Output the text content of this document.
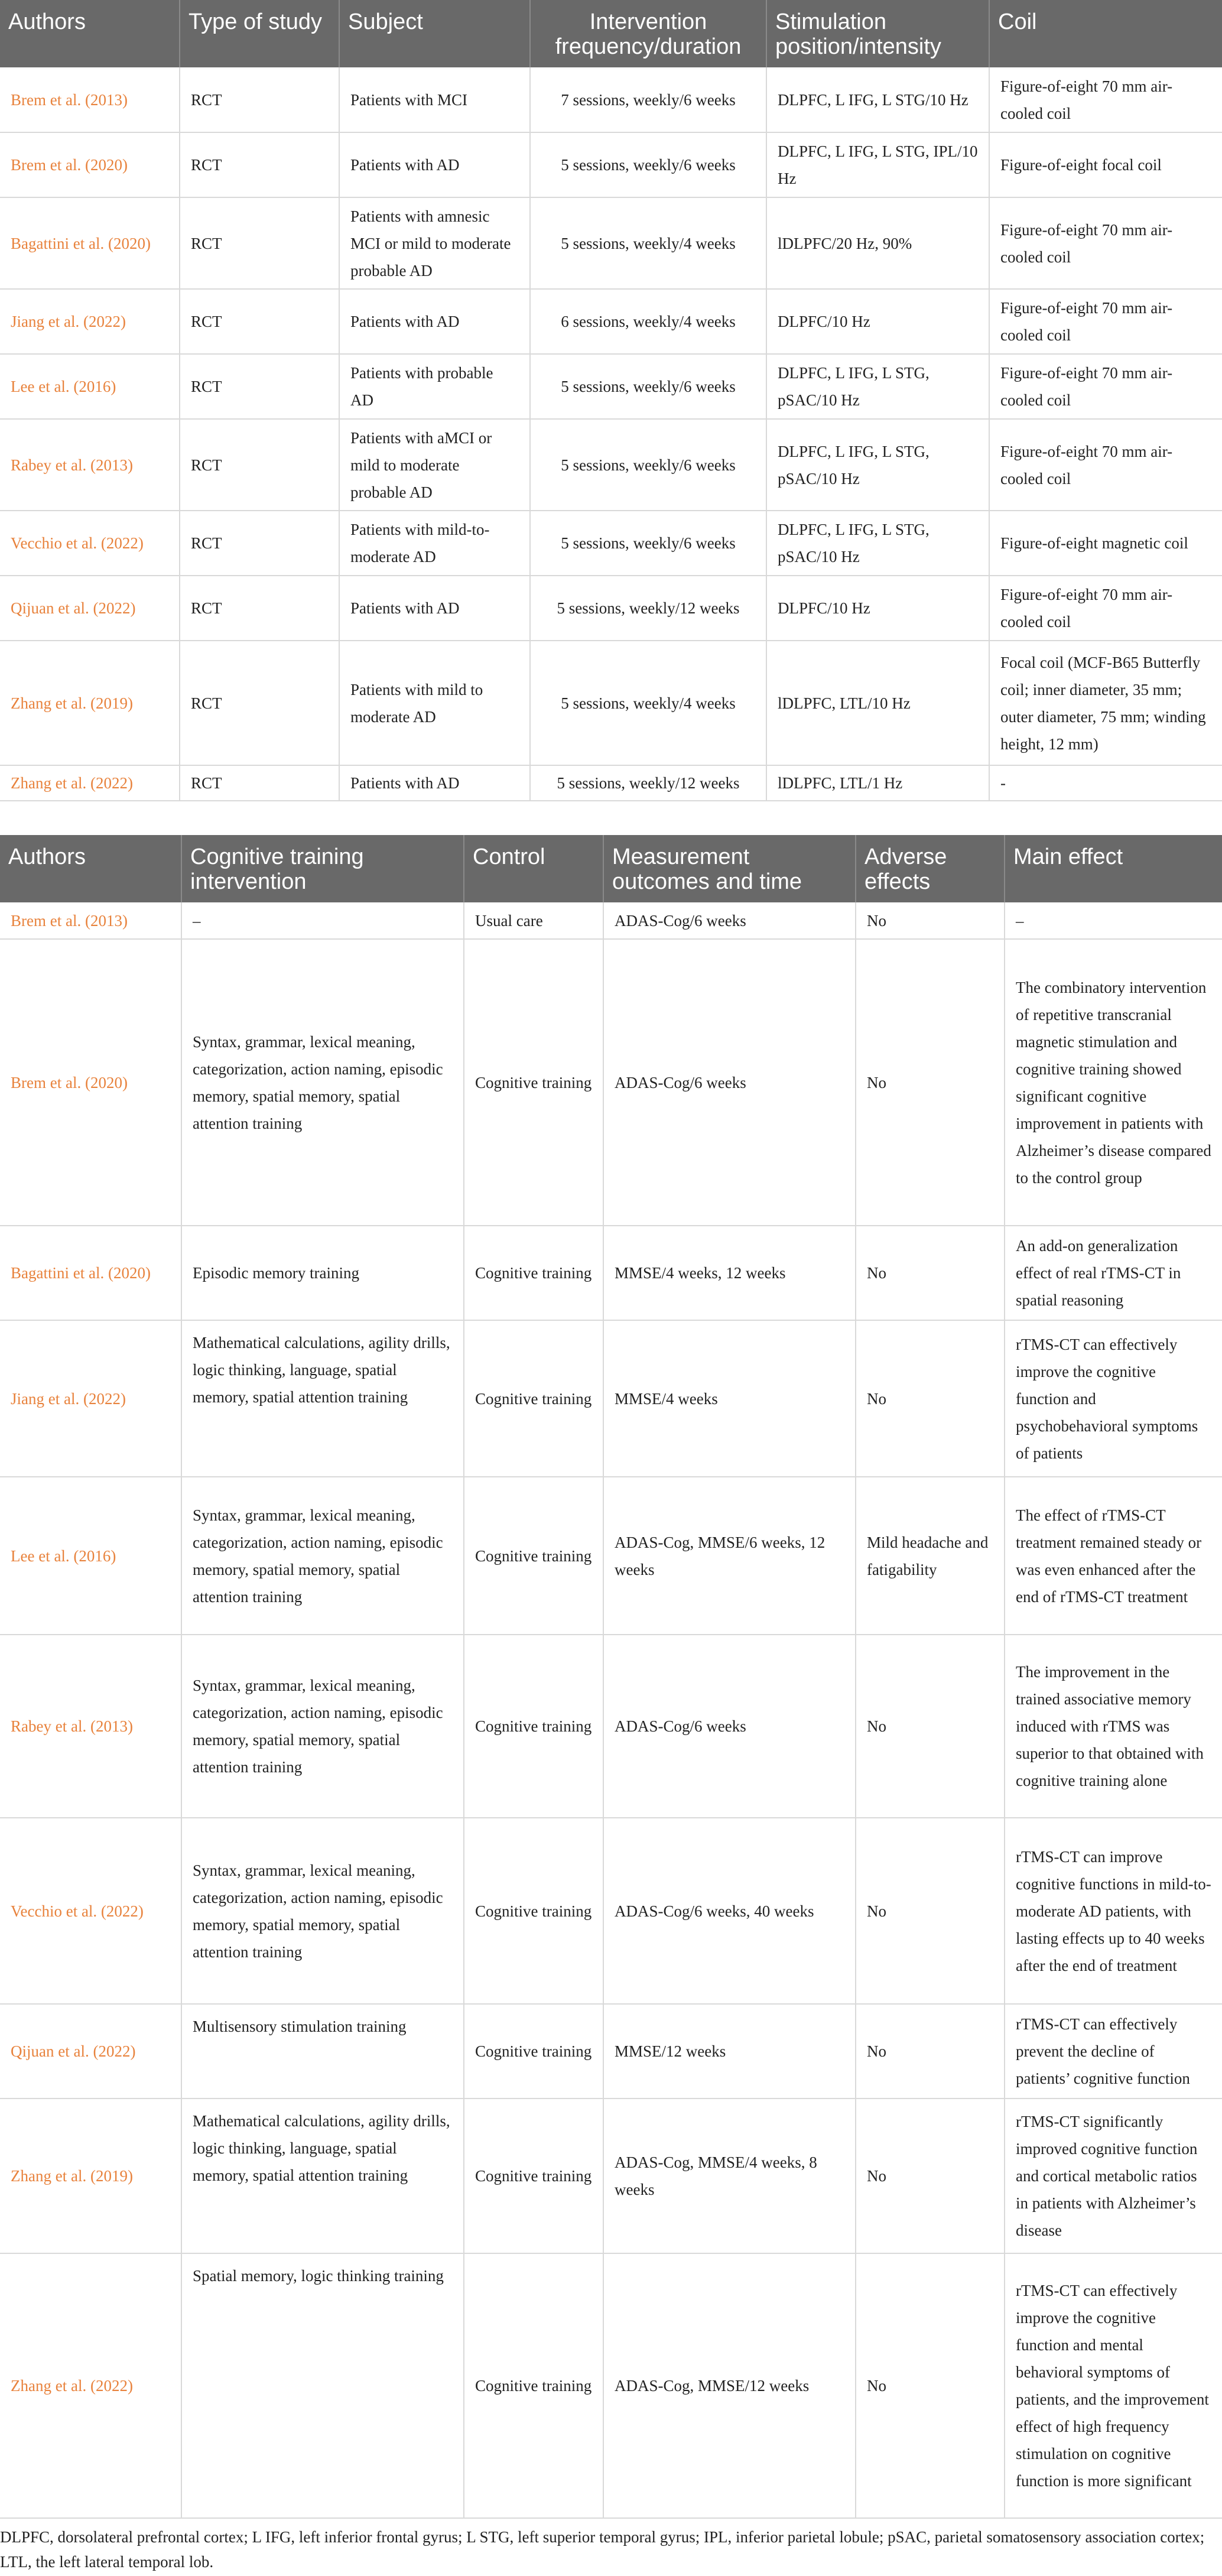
Authors	Type of study	Subject	Intervention frequency/duration	Stimulation position/intensity	Coil
Brem et al. (2013)	RCT	Patients with MCI	7 sessions, weekly/6 weeks	DLPFC, L IFG, L STG/10 Hz	Figure-of-eight 70 mm air-cooled coil
Brem et al. (2020)	RCT	Patients with AD	5 sessions, weekly/6 weeks	DLPFC, L IFG, L STG, IPL/10 Hz	Figure-of-eight focal coil
Bagattini et al. (2020)	RCT	Patients with amnesic MCI or mild to moderate probable AD	5 sessions, weekly/4 weeks	lDLPFC/20 Hz, 90%	Figure-of-eight 70 mm air-cooled coil
Jiang et al. (2022)	RCT	Patients with AD	6 sessions, weekly/4 weeks	DLPFC/10 Hz	Figure-of-eight 70 mm air-cooled coil
Lee et al. (2016)	RCT	Patients with probable AD	5 sessions, weekly/6 weeks	DLPFC, L IFG, L STG, pSAC/10 Hz	Figure-of-eight 70 mm air-cooled coil
Rabey et al. (2013)	RCT	Patients with aMCI or mild to moderate probable AD	5 sessions, weekly/6 weeks	DLPFC, L IFG, L STG, pSAC/10 Hz	Figure-of-eight 70 mm air-cooled coil
Vecchio et al. (2022)	RCT	Patients with mild-to-moderate AD	5 sessions, weekly/6 weeks	DLPFC, L IFG, L STG, pSAC/10 Hz	Figure-of-eight magnetic coil
Qijuan et al. (2022)	RCT	Patients with AD	5 sessions, weekly/12 weeks	DLPFC/10 Hz	Figure-of-eight 70 mm air-cooled coil
Zhang et al. (2019)	RCT	Patients with mild to moderate AD	5 sessions, weekly/4 weeks	lDLPFC, LTL/10 Hz	Focal coil (MCF-B65 Butterfly coil; inner diameter, 35 mm; outer diameter, 75 mm; winding height, 12 mm)
Zhang et al. (2022)	RCT	Patients with AD	5 sessions, weekly/12 weeks	lDLPFC, LTL/1 Hz	-
Authors	Cognitive training intervention	Control	Measurement outcomes and time	Adverse effects	Main effect
Brem et al. (2013)	–	Usual care	ADAS-Cog/6 weeks	No	–
Brem et al. (2020)	Syntax, grammar, lexical meaning, categorization, action naming, episodic memory, spatial memory, spatial attention training	Cognitive training	ADAS-Cog/6 weeks	No	The combinatory intervention of repetitive transcranial magnetic stimulation and cognitive training showed significant cognitive improvement in patients with Alzheimer’s disease compared to the control group
Bagattini et al. (2020)	Episodic memory training	Cognitive training	MMSE/4 weeks, 12 weeks	No	An add-on generalization effect of real rTMS-CT in spatial reasoning
Jiang et al. (2022)	Mathematical calculations, agility drills, logic thinking, language, spatial memory, spatial attention training	Cognitive training	MMSE/4 weeks	No	rTMS-CT can effectively improve the cognitive function and psychobehavioral symptoms of patients
Lee et al. (2016)	Syntax, grammar, lexical meaning, categorization, action naming, episodic memory, spatial memory, spatial attention training	Cognitive training	ADAS-Cog, MMSE/6 weeks, 12 weeks	Mild headache and fatigability	The effect of rTMS-CT treatment remained steady or was even enhanced after the end of rTMS-CT treatment
Rabey et al. (2013)	Syntax, grammar, lexical meaning, categorization, action naming, episodic memory, spatial memory, spatial attention training	Cognitive training	ADAS-Cog/6 weeks	No	The improvement in the trained associative memory induced with rTMS was superior to that obtained with cognitive training alone
Vecchio et al. (2022)	Syntax, grammar, lexical meaning, categorization, action naming, episodic memory, spatial memory, spatial attention training	Cognitive training	ADAS-Cog/6 weeks, 40 weeks	No	rTMS-CT can improve cognitive functions in mild-to-moderate AD patients, with lasting effects up to 40 weeks after the end of treatment
Qijuan et al. (2022)	Multisensory stimulation training	Cognitive training	MMSE/12 weeks	No	rTMS-CT can effectively prevent the decline of patients’ cognitive function
Zhang et al. (2019)	Mathematical calculations, agility drills, logic thinking, language, spatial memory, spatial attention training	Cognitive training	ADAS-Cog, MMSE/4 weeks, 8 weeks	No	rTMS-CT significantly improved cognitive function and cortical metabolic ratios in patients with Alzheimer’s disease
Zhang et al. (2022)	Spatial memory, logic thinking training	Cognitive training	ADAS-Cog, MMSE/12 weeks	No	rTMS-CT can effectively improve the cognitive function and mental behavioral symptoms of patients, and the improvement effect of high frequency stimulation on cognitive function is more significant
DLPFC, dorsolateral prefrontal cortex; L IFG, left inferior frontal gyrus; L STG, left superior temporal gyrus; IPL, inferior parietal lobule; pSAC, parietal somatosensory association cortex; LTL, the left lateral temporal lob.
